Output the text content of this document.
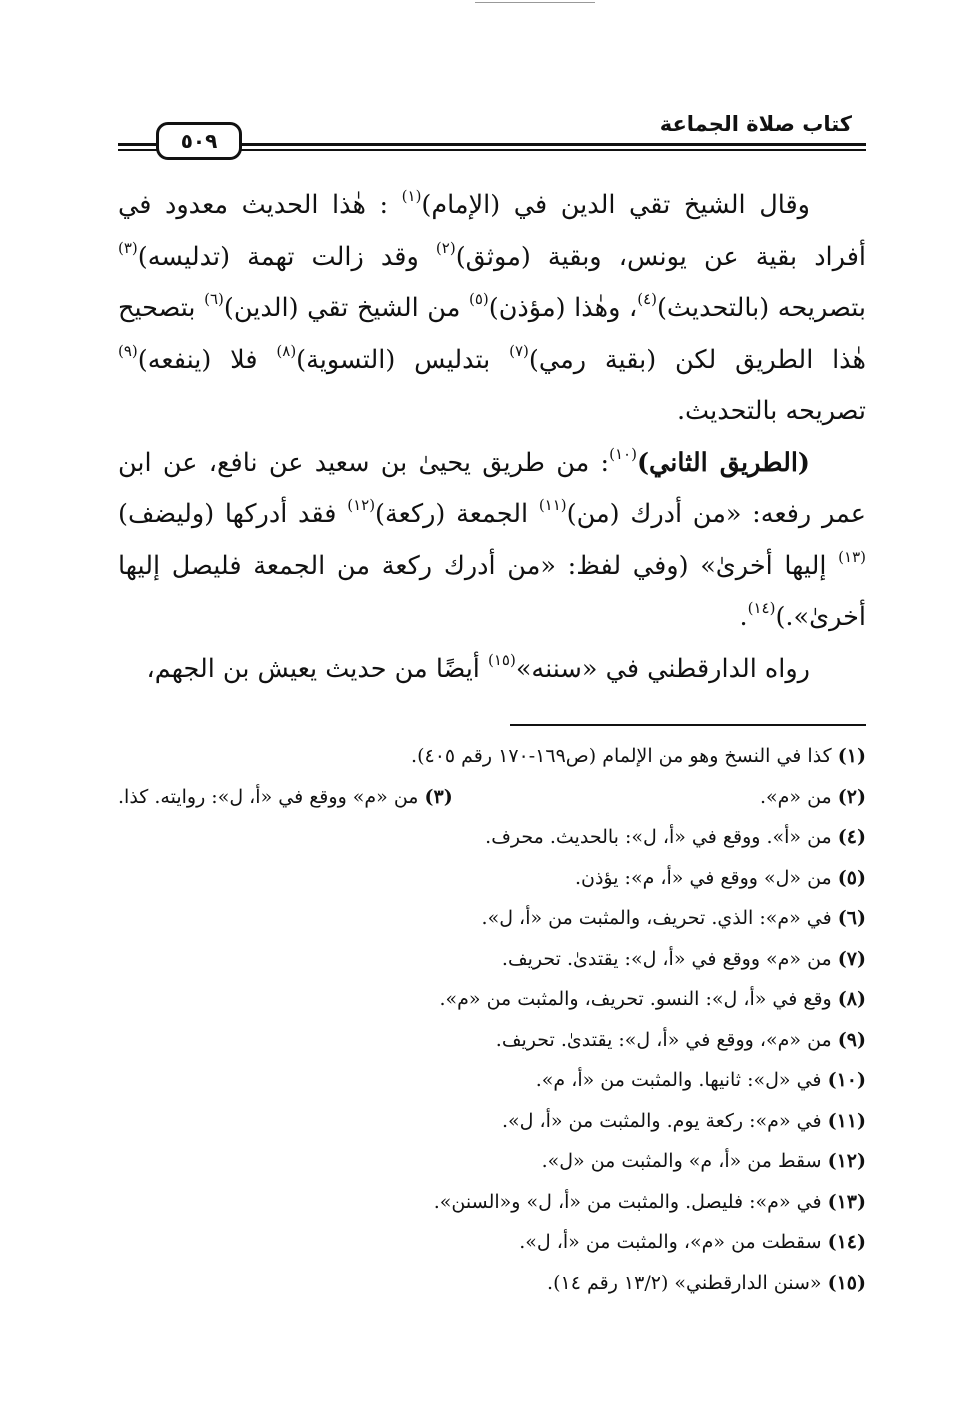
كتاب صلاة الجماعة
٥٠٩

وقال الشيخ تقي الدين في (الإمام)$^{(١)}$ : هٰذا الحديث معدود في أفراد بقية عن يونس، وبقية (موثق)$^{(٢)}$ وقد زالت تهمة (تدليسه)$^{(٣)}$ بتصريحه (بالتحديث)$^{(٤)}$، وهٰذا (مؤذن)$^{(٥)}$ من الشيخ تقي (الدين)$^{(٦)}$ بتصحيح هٰذا الطريق لكن (بقية رمي)$^{(٧)}$ بتدليس (التسوية)$^{(٨)}$ فلا (ينفعه)$^{(٩)}$ تصريحه بالتحديث.

(الطريق الثاني)$^{(١٠)}$: من طريق يحيىٰ بن سعيد عن نافع، عن ابن عمر رفعه: «من أدرك (من)$^{(١١)}$ الجمعة (ركعة)$^{(١٢)}$ فقد أدركها (وليضف)$^{(١٣)}$ إليها أخرىٰ» (وفي لفظ: «من أدرك ركعة من الجمعة فليصل إليها أخرىٰ».)$^{(١٤)}$.

رواه الدارقطني في «سننه»$^{(١٥)}$ أيضًا من حديث يعيش بن الجهم،

(١) كذا في النسخ وهو من الإلمام (ص١٦٩-١٧٠ رقم ٤٠٥).
(٢) من «م».
(٣) من «م» ووقع في «أ، ل»: روايته. كذا.
(٤) من «أ». ووقع في «أ، ل»: بالحديث. محرف.
(٥) من «ل» ووقع في «أ، م»: يؤذن.
(٦) في «م»: الذي. تحريف، والمثبت من «أ، ل».
(٧) من «م» ووقع في «أ، ل»: يقتدىٰ. تحريف.
(٨) وقع في «أ، ل»: النسو. تحريف، والمثبت من «م».
(٩) من «م»، ووقع في «أ، ل»: يقتدىٰ. تحريف.
(١٠) في «ل»: ثانيها. والمثبت من «أ، م».
(١١) في «م»: ركعة يوم. والمثبت من «أ، ل».
(١٢) سقط من «أ، م» والمثبت من «ل».
(١٣) في «م»: فليصل. والمثبت من «أ، ل» و«السنن».
(١٤) سقطت من «م»، والمثبت من «أ، ل».
(١٥) «سنن الدارقطني» (١٣/٢ رقم ١٤).
